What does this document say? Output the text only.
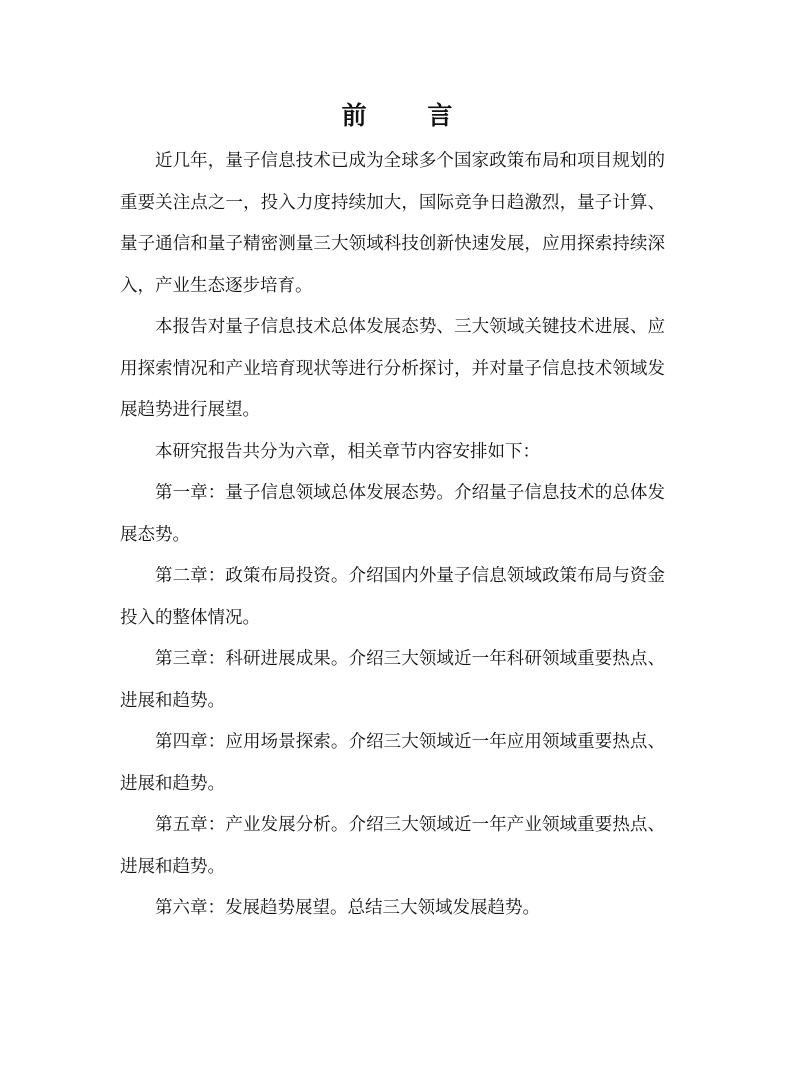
前 言

近几年，量子信息技术已成为全球多个国家政策布局和项目规划的重要关注点之一，投入力度持续加大，国际竞争日趋激烈，量子计算、量子通信和量子精密测量三大领域科技创新快速发展，应用探索持续深入，产业生态逐步培育。

本报告对量子信息技术总体发展态势、三大领域关键技术进展、应用探索情况和产业培育现状等进行分析探讨，并对量子信息技术领域发展趋势进行展望。

本研究报告共分为六章，相关章节内容安排如下：

第一章：量子信息领域总体发展态势。介绍量子信息技术的总体发展态势。

第二章：政策布局投资。介绍国内外量子信息领域政策布局与资金投入的整体情况。

第三章：科研进展成果。介绍三大领域近一年科研领域重要热点、进展和趋势。

第四章：应用场景探索。介绍三大领域近一年应用领域重要热点、进展和趋势。

第五章：产业发展分析。介绍三大领域近一年产业领域重要热点、进展和趋势。

第六章：发展趋势展望。总结三大领域发展趋势。
